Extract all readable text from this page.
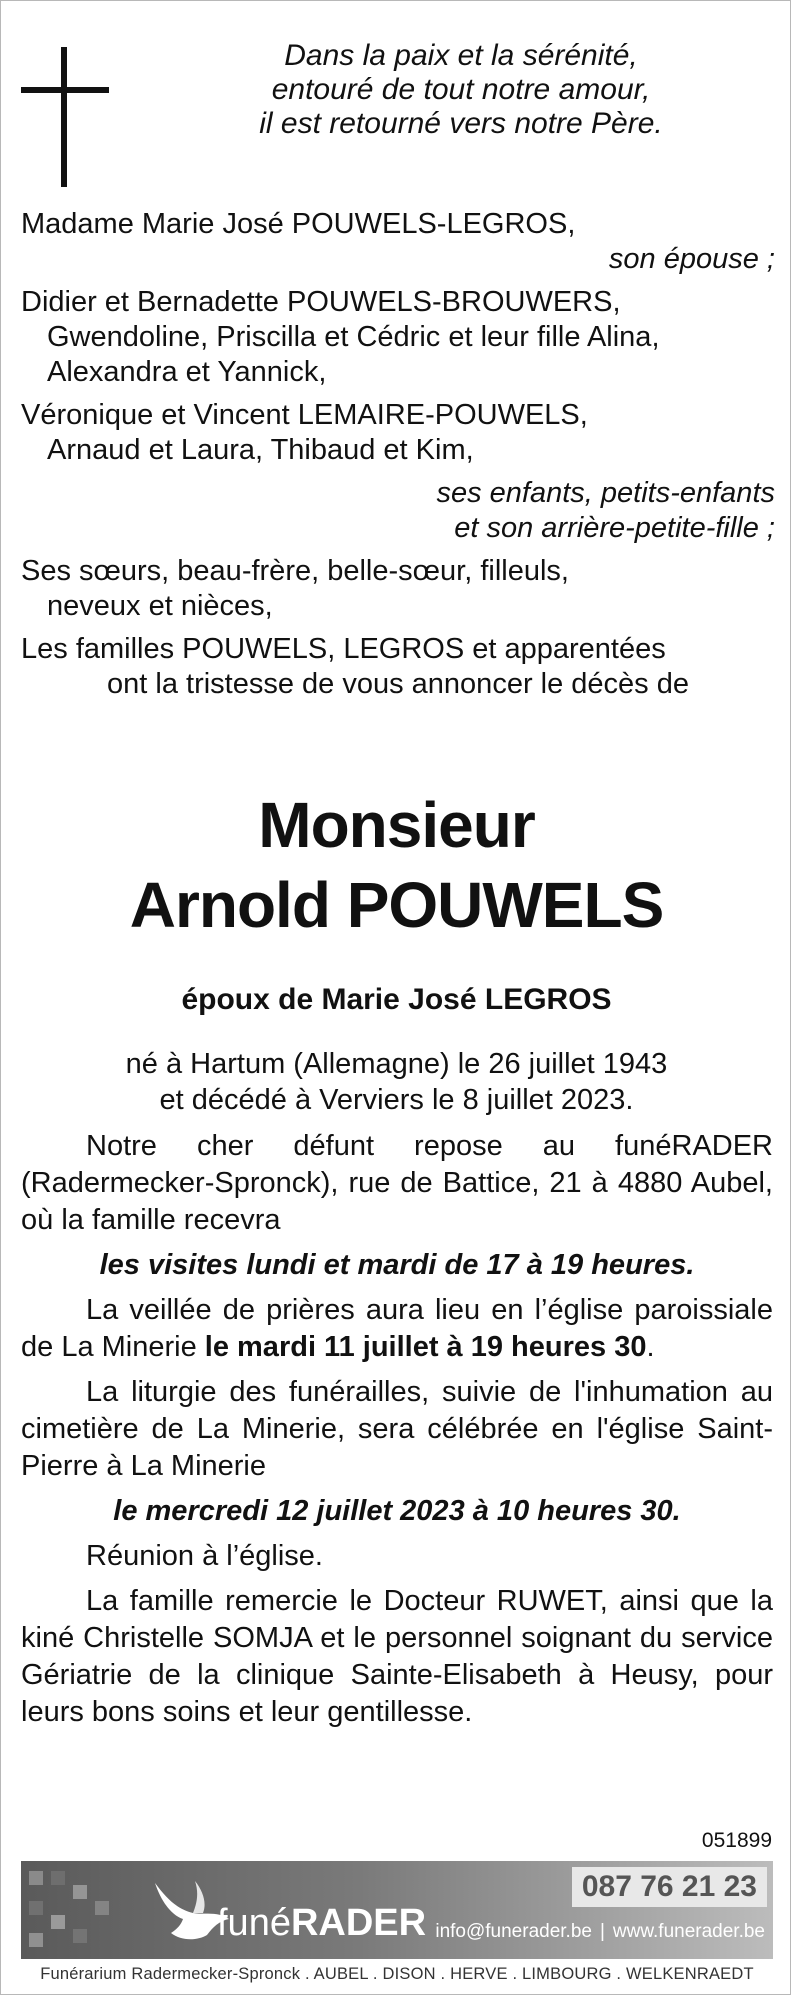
Dans la paix et la sérénité,
entouré de tout notre amour,
il est retourné vers notre Père.
Madame Marie José POUWELS-LEGROS,
son épouse ;
Didier et Bernadette POUWELS-BROUWERS,
Gwendoline, Priscilla et Cédric et leur fille Alina,
Alexandra et Yannick,
Véronique et Vincent LEMAIRE-POUWELS,
Arnaud et Laura, Thibaud et Kim,
ses enfants, petits-enfants
et son arrière-petite-fille ;
Ses sœurs, beau-frère, belle-sœur, filleuls,
neveux et nièces,
Les familles POUWELS, LEGROS et apparentées
ont la tristesse de vous annoncer le décès de
Monsieur
Arnold POUWELS
époux de Marie José LEGROS
né à Hartum (Allemagne) le 26 juillet 1943
et décédé à Verviers le 8 juillet 2023.

Notre cher défunt repose au funéRADER (Radermecker-Spronck), rue de Battice, 21 à 4880 Aubel, où la famille recevra

les visites lundi et mardi de 17 à 19 heures.

La veillée de prières aura lieu en l’église paroissiale de La Minerie le mardi 11 juillet à 19 heures 30.

La liturgie des funérailles, suivie de l'inhumation au cimetière de La Minerie, sera célébrée en l'église Saint-Pierre à La Minerie

le mercredi 12 juillet 2023 à 10 heures 30.

Réunion à l’église.

La famille remercie le Docteur RUWET, ainsi que la kiné Christelle SOMJA et le personnel soignant du service Gériatrie de la clinique Sainte-Elisabeth à Heusy, pour leurs bons soins et leur gentillesse.

051899
funéRADER
087 76 21 23
info@funerader.be | www.funerader.be
Funérarium Radermecker-Spronck . AUBEL . DISON . HERVE . LIMBOURG . WELKENRAEDT
